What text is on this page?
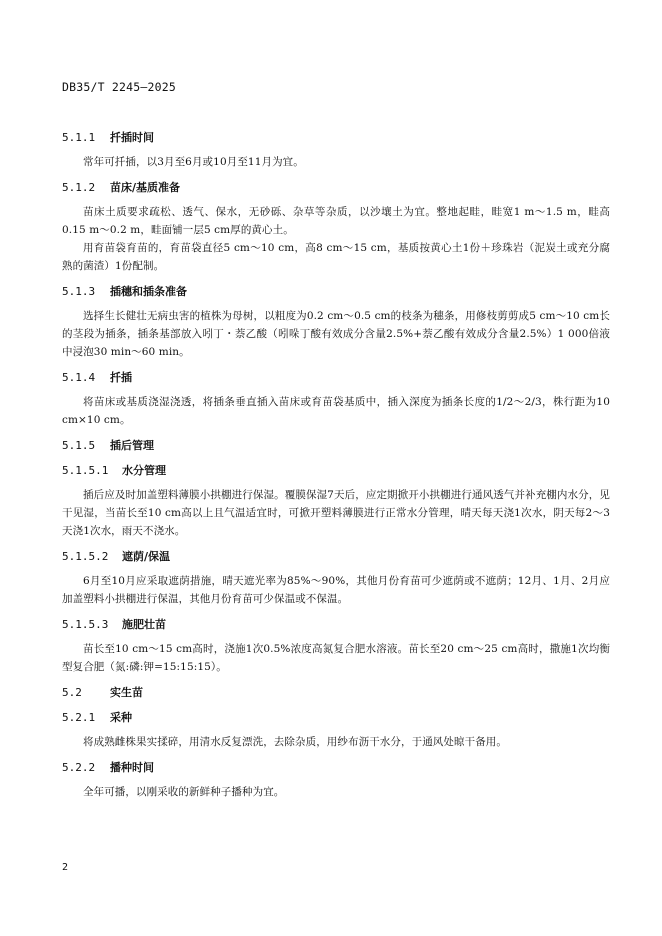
DB35/T 2245—2025
5.1.1 扦插时间

常年可扦插，以3月至6月或10月至11月为宜。

5.1.2 苗床/基质准备

苗床土质要求疏松、透气、保水，无砂砾、杂草等杂质，以沙壤土为宜。整地起畦，畦宽1 m～1.5 m，畦高0.15 m～0.2 m，畦面铺一层5 cm厚的黄心土。

用育苗袋育苗的，育苗袋直径5 cm～10 cm，高8 cm～15 cm，基质按黄心土1份＋珍珠岩（泥炭土或充分腐熟的菌渣）1份配制。

5.1.3 插穗和插条准备

选择生长健壮无病虫害的植株为母树，以粗度为0.2 cm～0.5 cm的枝条为穗条，用修枝剪剪成5 cm～10 cm长的茎段为插条，插条基部放入吲丁・萘乙酸（吲哚丁酸有效成分含量2.5%+萘乙酸有效成分含量2.5%）1 000倍液中浸泡30 min～60 min。

5.1.4 扦插

将苗床或基质浇湿浇透，将插条垂直插入苗床或育苗袋基质中，插入深度为插条长度的1/2～2/3，株行距为10 cm×10 cm。

5.1.5 插后管理
5.1.5.1 水分管理

插后应及时加盖塑料薄膜小拱棚进行保湿。覆膜保湿7天后，应定期掀开小拱棚进行通风透气并补充棚内水分，见干见湿，当苗长至10 cm高以上且气温适宜时，可掀开塑料薄膜进行正常水分管理，晴天每天浇1次水，阴天每2～3天浇1次水，雨天不浇水。

5.1.5.2 遮荫/保温

6月至10月应采取遮荫措施，晴天遮光率为85%～90%，其他月份育苗可少遮荫或不遮荫；12月、1月、2月应加盖塑料小拱棚进行保温，其他月份育苗可少保温或不保温。

5.1.5.3 施肥壮苗

苗长至10 cm～15 cm高时，浇施1次0.5%浓度高氮复合肥水溶液。苗长至20 cm～25 cm高时，撒施1次均衡型复合肥（氮:磷:钾=15:15:15）。

5.2	实生苗
5.2.1 采种

将成熟雌株果实揉碎，用清水反复漂洗，去除杂质，用纱布沥干水分，于通风处晾干备用。

5.2.2 播种时间

全年可播，以刚采收的新鲜种子播种为宜。

2
